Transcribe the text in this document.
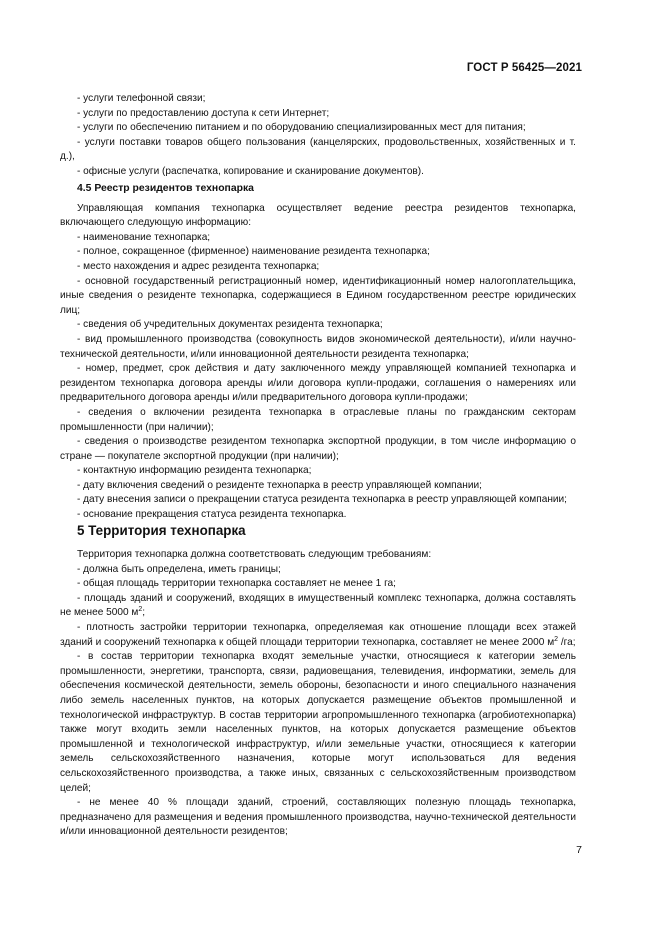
ГОСТ Р 56425—2021

- услуги телефонной связи;

- услуги по предоставлению доступа к сети Интернет;

- услуги по обеспечению питанием и по оборудованию специализированных мест для питания;

- услуги поставки товаров общего пользования (канцелярских, продовольственных, хозяйственных и т. д.),

- офисные услуги (распечатка, копирование и сканирование документов).

4.5 Реестр резидентов технопарка

Управляющая компания технопарка осуществляет ведение реестра резидентов технопарка, включающего следующую информацию:

- наименование технопарка;

- полное, сокращенное (фирменное) наименование резидента технопарка;

- место нахождения и адрес резидента технопарка;

- основной государственный регистрационный номер, идентификационный номер налогоплательщика, иные сведения о резиденте технопарка, содержащиеся в Едином государственном реестре юридических лиц;

- сведения об учредительных документах резидента технопарка;

- вид промышленного производства (совокупность видов экономической деятельности), и/или научно-технической деятельности, и/или инновационной деятельности резидента технопарка;

- номер, предмет, срок действия и дату заключенного между управляющей компанией технопарка и резидентом технопарка договора аренды и/или договора купли-продажи, соглашения о намерениях или предварительного договора аренды и/или предварительного договора купли-продажи;

- сведения о включении резидента технопарка в отраслевые планы по гражданским секторам промышленности (при наличии);

- сведения о производстве резидентом технопарка экспортной продукции, в том числе информацию о стране — покупателе экспортной продукции (при наличии);

- контактную информацию резидента технопарка;

- дату включения сведений о резиденте технопарка в реестр управляющей компании;

- дату внесения записи о прекращении статуса резидента технопарка в реестр управляющей компании;

- основание прекращения статуса резидента технопарка.

5 Территория технопарка

Территория технопарка должна соответствовать следующим требованиям:

- должна быть определена, иметь границы;

- общая площадь территории технопарка составляет не менее 1 га;

- площадь зданий и сооружений, входящих в имущественный комплекс технопарка, должна составлять не менее 5000 $м^2$;

- плотность застройки территории технопарка, определяемая как отношение площади всех этажей зданий и сооружений технопарка к общей площади территории технопарка, составляет не менее 2000 $м^2$ /га;

- в состав территории технопарка входят земельные участки, относящиеся к категории земель промышленности, энергетики, транспорта, связи, радиовещания, телевидения, информатики, земель для обеспечения космической деятельности, земель обороны, безопасности и иного специального назначения либо земель населенных пунктов, на которых допускается размещение объектов промышленной и технологической инфраструктур. В состав территории агропромышленного технопарка (агробиотехнопарка) также могут входить земли населенных пунктов, на которых допускается размещение объектов промышленной и технологической инфраструктур, и/или земельные участки, относящиеся к категории земель сельскохозяйственного назначения, которые могут использоваться для ведения сельскохозяйственного производства, а также иных, связанных с сельскохозяйственным производством целей;

- не менее 40 % площади зданий, строений, составляющих полезную площадь технопарка, предназначено для размещения и ведения промышленного производства, научно-технической деятельности и/или инновационной деятельности резидентов;

7
